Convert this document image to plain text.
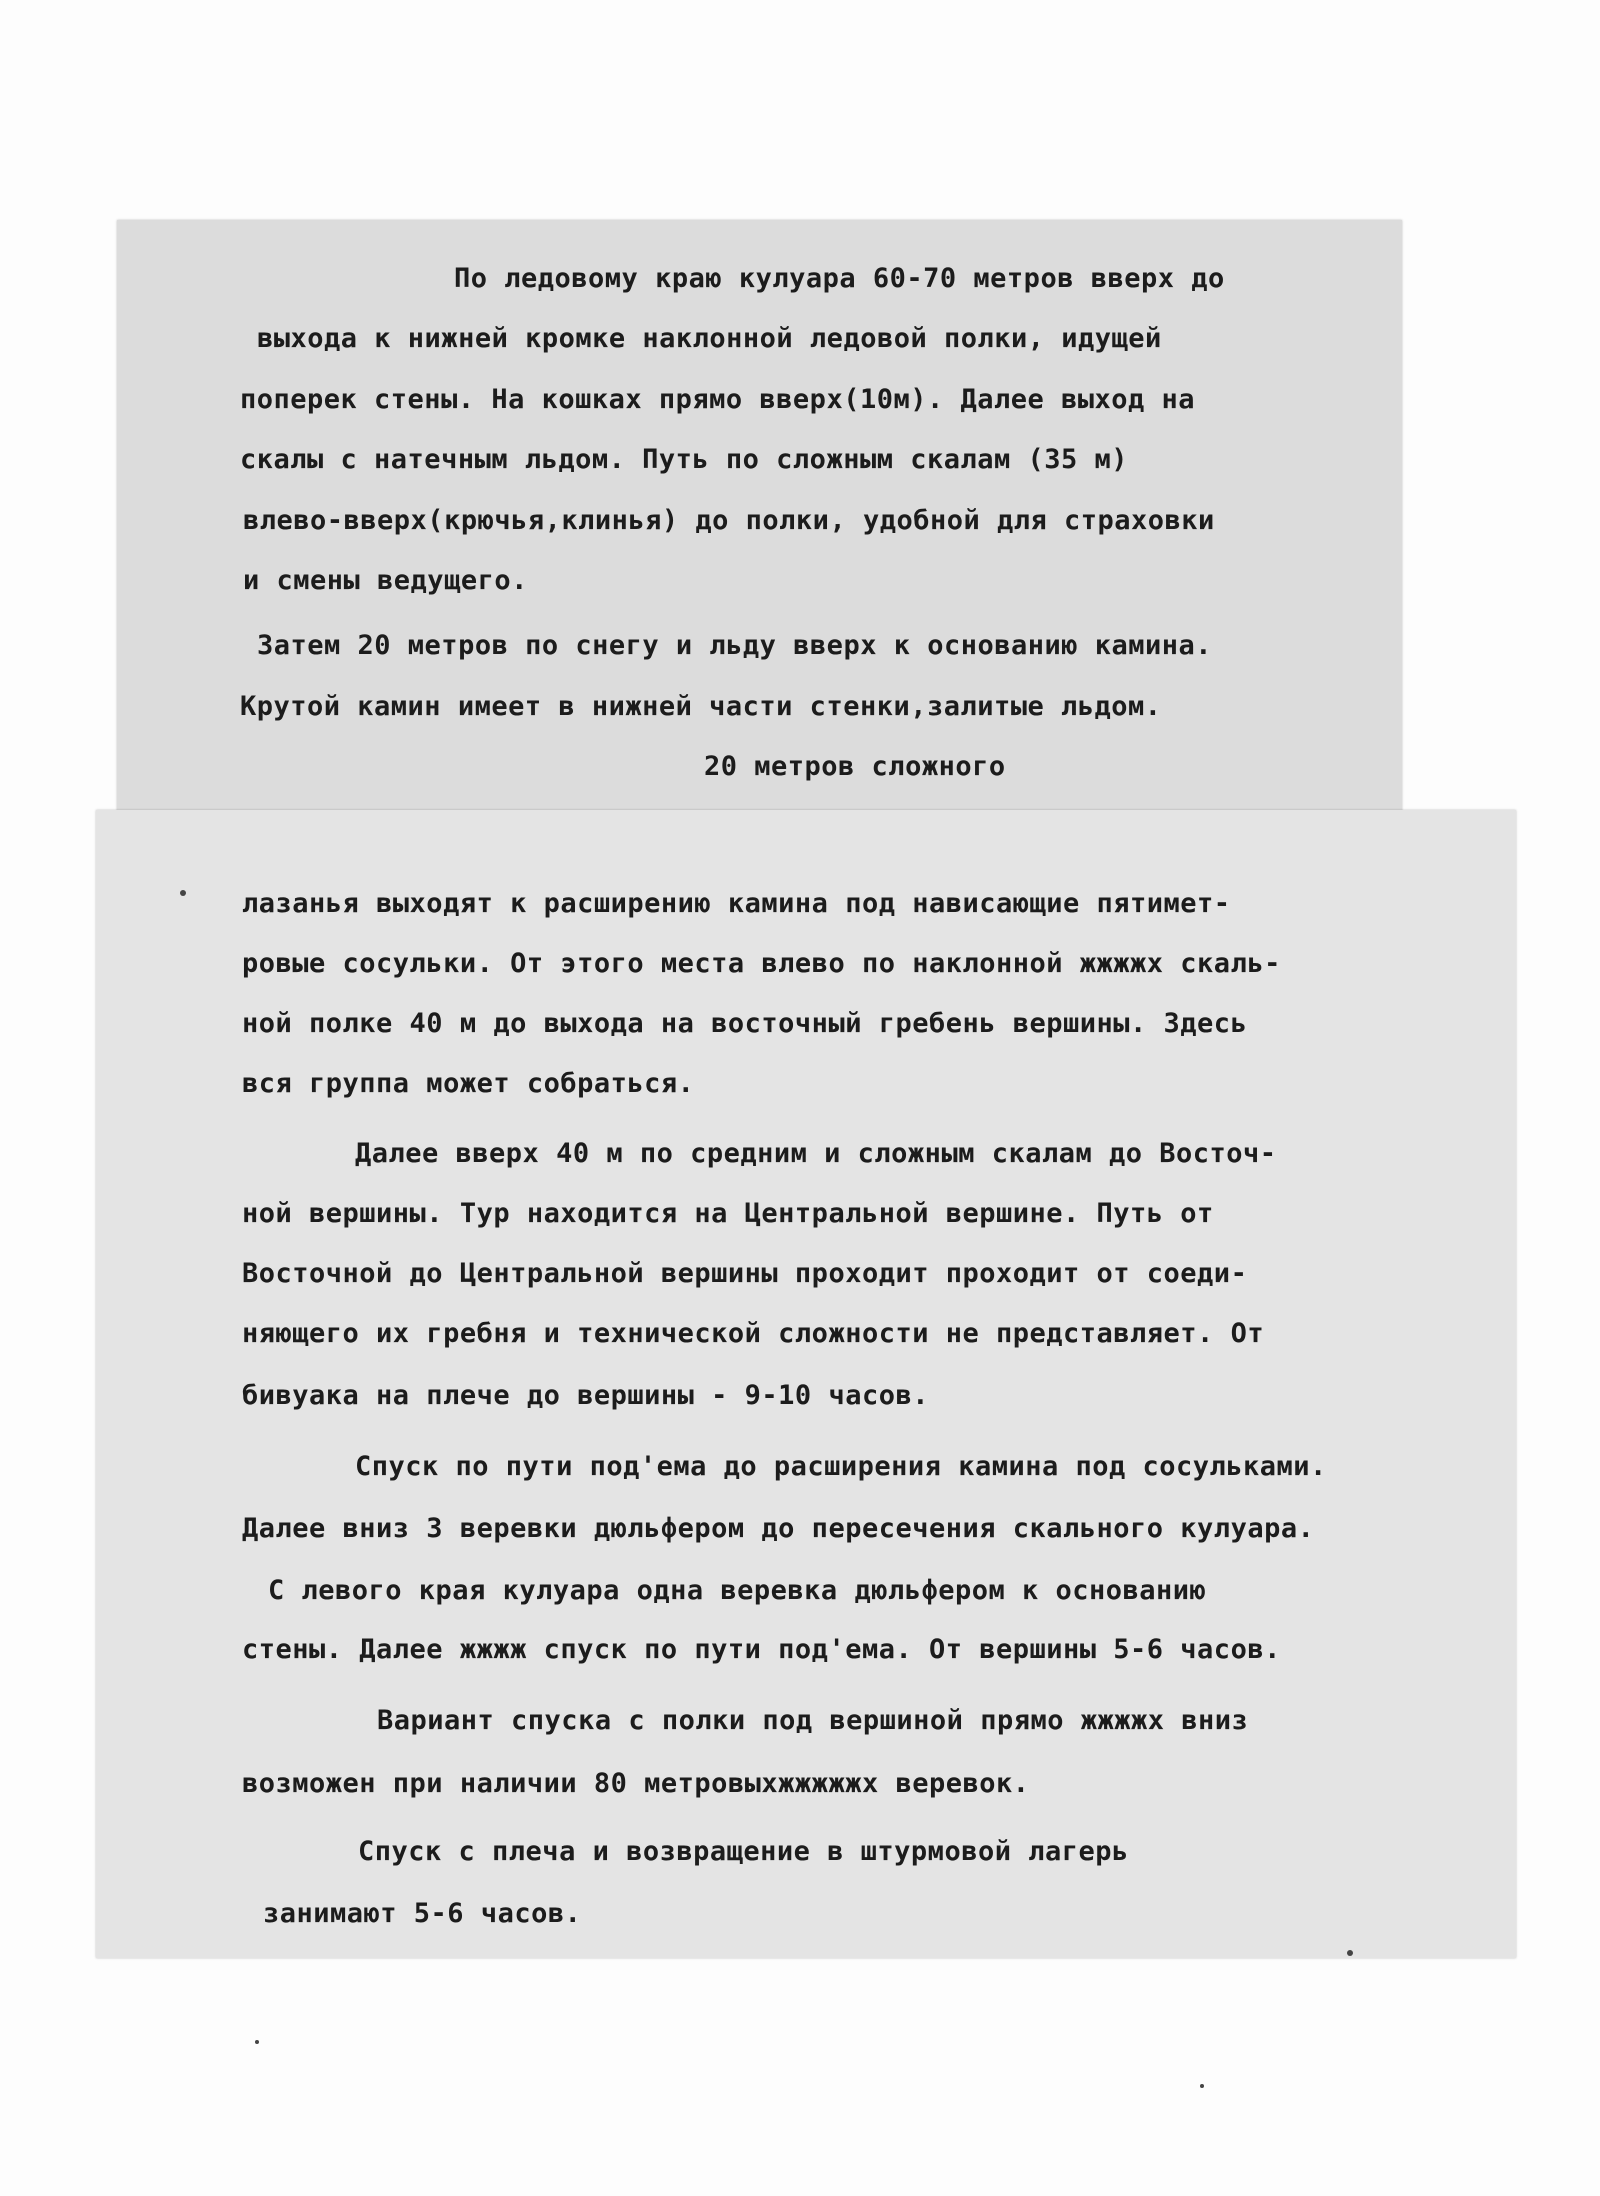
По ледовому краю кулуара 60-70 метров вверх до
выхода к нижней кромке наклонной ледовой полки, идущей
поперек стены. На кошках прямо вверх(10м). Далее выход на
скалы с натечным льдом. Путь по сложным скалам (35 м)
влево-вверх(крючья,клинья) до полки, удобной для страховки
и смены ведущего.
Затем 20 метров по снегу и льду вверх к основанию камина.
Крутой камин имеет в нижней части стенки,залитые льдом.
20 метров сложного
лазанья выходят к расширению камина под нависающие пятимет-
ровые сосульки. От этого места влево по наклонной жжжжх скаль-
ной полке 40 м до выхода на восточный гребень вершины. Здесь
вся группа может собраться.
Далее вверх 40 м по средним и сложным скалам до Восточ-
ной вершины. Тур находится на Центральной вершине. Путь от
Восточной до Центральной вершины проходит проходит от соеди-
няющего их гребня и технической сложности не представляет. От
бивуака на плече до вершины - 9-10 часов.
Спуск по пути под'ема до расширения камина под сосульками.
Далее вниз 3 веревки дюльфером до пересечения скального кулуара.
С левого края кулуара одна веревка дюльфером к основанию
стены. Далее жжжж спуск по пути под'ема. От вершины 5-6 часов.
Вариант спуска с полки под вершиной прямо жжжжх вниз
возможен при наличии 80 метровыхжжжжжх веревок.
Спуск с плеча и возвращение в штурмовой лагерь
занимают 5-6 часов.
